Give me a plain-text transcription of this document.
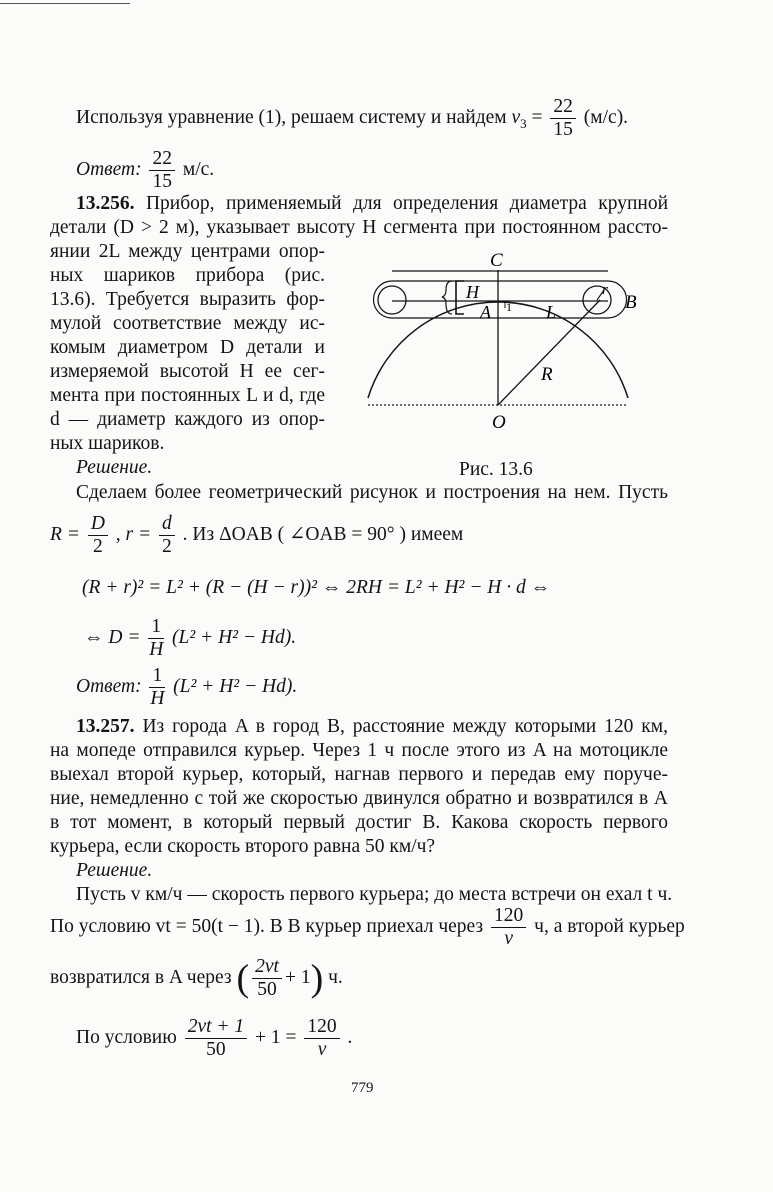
Используя уравнение (1), решаем систему и найдем $v_3 = \frac{22}{15} (м/с)$.
Ответ: $\frac{22}{15} м/с$.
13.256. Прибор, применяемый для определения диаметра крупной
детали (D > 2 м), указывает высоту H сегмента при постоянном рассто-
янии 2L между центрами опор-
ных шариков прибора (рис.
13.6). Требуется выразить фор-
мулой соответствие между ис-
комым диаметром D детали и
измеряемой высотой H ее сег-
мента при постоянных L и d, где
d — диаметр каждого из опор-
ных шариков.
C
H
A 1 L
r
B
R
O
Решение.	Рис. 13.6
Сделаем более геометрический рисунок и построения на нем. Пусть
$R = \frac{D}{2}$ , $r = \frac{d}{2}$ . Из ΔOAB ( ∠OAB = 90° ) имеем
(R + r)² = L² + (R − (H − r))² ⇔ 2RH = L² + H² − H · d ⇔
⇔ $D = \frac{1}{H} (L^2 + H^2 - Hd)$.
Ответ: $\frac{1}{H} (L^2 + H^2 - Hd)$.
13.257. Из города A в город B, расстояние между которыми 120 км,
на мопеде отправился курьер. Через 1 ч после этого из A на мотоцикле
выехал второй курьер, который, нагнав первого и передав ему поруче-
ние, немедленно с той же скоростью двинулся обратно и возвратился в A
в тот момент, в который первый достиг B. Какова скорость первого
курьера, если скорость второго равна 50 км/ч?
Решение.
Пусть v км/ч — скорость первого курьера; до места встречи он ехал t ч.
По условию vt = 50(t − 1). В B курьер приехал через $\frac{120}{v} ч$, а второй курьер
возвратился в A через ( $\frac{2vt}{50} + 1$) ч.
По условию $\frac{2vt + 1}{50} + 1 = \frac{120}{v}$ .
779
